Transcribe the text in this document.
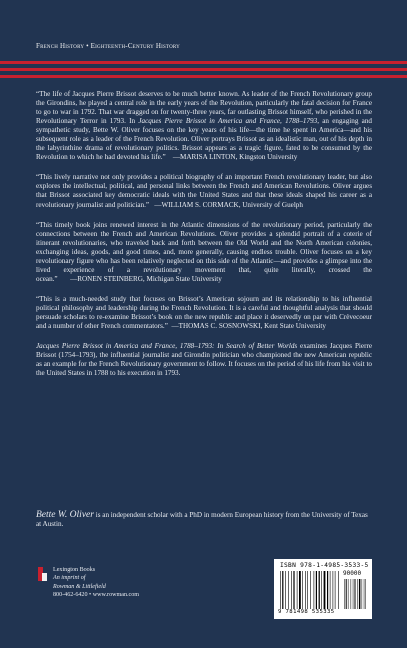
French History • Eighteenth-Century History

“The life of Jacques Pierre Brissot deserves to be much better known. As leader of the French Revolutionary group the Girondins, he played a central role in the early years of the Revolution, particularly the fatal decision for France to go to war in 1792. That war dragged on for twenty-three years, far outlasting Brissot himself, who perished in the Revolutionary Terror in 1793. In Jacques Pierre Brissot in America and France, 1788–1793, an engaging and sympathetic study, Bette W. Oliver focuses on the key years of his life—the time he spent in America—and his subsequent role as a leader of the French Revolution. Oliver portrays Brissot as an idealistic man, out of his depth in the labyrinthine drama of revolutionary politics. Brissot appears as a tragic figure, fated to be consumed by the Revolution to which he had devoted his life.” —MARISA LINTON, Kingston University

“This lively narrative not only provides a political biography of an important French revolutionary leader, but also explores the intellectual, political, and personal links between the French and American Revolutions. Oliver argues that Brissot associated key democratic ideals with the United States and that these ideals shaped his career as a revolutionary journalist and politician.” —WILLIAM S. CORMACK, University of Guelph

“This timely book joins renewed interest in the Atlantic dimensions of the revolutionary period, particularly the connections between the French and American Revolutions. Oliver provides a splendid portrait of a coterie of itinerant revolutionaries, who traveled back and forth between the Old World and the North American colonies, exchanging ideas, goods, and good times, and, more generally, causing endless trouble. Oliver focuses on a key revolutionary figure who has been relatively neglected on this side of the Atlantic—and provides a glimpse into the lived experience of a revolutionary movement that, quite literally, crossed the ocean.” —RONEN STEINBERG, Michigan State University

“This is a much-needed study that focuses on Brissot’s American sojourn and its relationship to his influential political philosophy and leadership during the French Revolution. It is a careful and thoughtful analysis that should persuade scholars to re-examine Brissot’s book on the new republic and place it deservedly on par with Crèvecoeur and a number of other French commentators.” —THOMAS C. SOSNOWSKI, Kent State University

Jacques Pierre Brissot in America and France, 1788–1793: In Search of Better Worlds examines Jacques Pierre Brissot (1754–1793), the influential journalist and Girondin politician who championed the new American republic as an example for the French Revolutionary government to follow. It focuses on the period of his life from his visit to the United States in 1788 to his execution in 1793.

Bette W. Oliver is an independent scholar with a PhD in modern European history from the University of Texas at Austin.
Lexington Books
An imprint of
Rowman & Littlefield
800-462-6420 • www.rowman.com
ISBN 978-1-4985-3533-5
90000
9 781498 535335
